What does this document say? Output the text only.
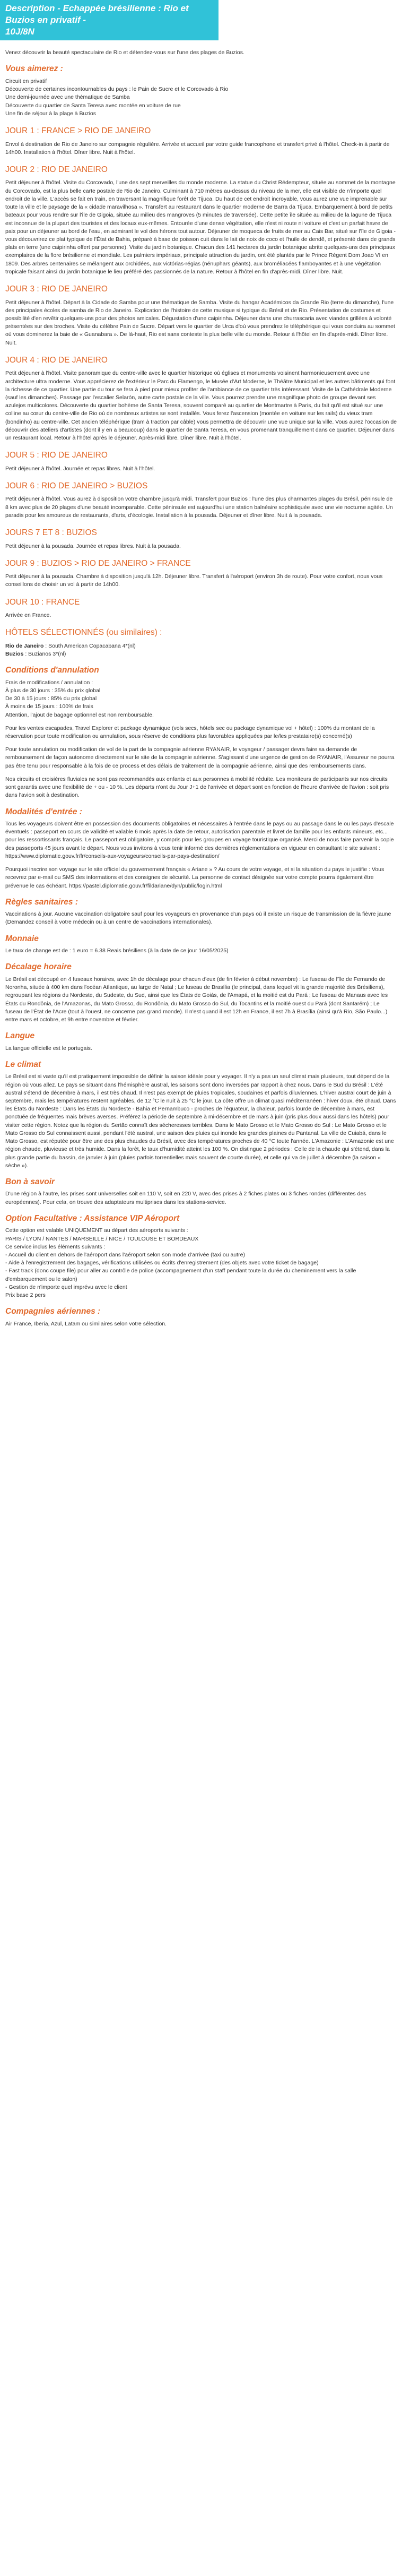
Description - Echappée brésilienne : Rio et Buzios en privatif -
10J/8N

Venez découvrir la beauté spectaculaire de Rio et détendez-vous sur l'une des plages de Buzios.

Vous aimerez :

Circuit en privatif

Découverte de certaines incontournables du pays : le Pain de Sucre et le Corcovado à Rio

Une demi-journée avec une thématique de Samba

Découverte du quartier de Santa Teresa avec montée en voiture de rue

Une fin de séjour à la plage à Buzios

JOUR 1 : FRANCE > RIO DE JANEIRO

Envol à destination de Rio de Janeiro sur compagnie régulière. Arrivée et accueil par votre guide francophone et transfert privé à l'hôtel. Check-in à partir de 14h00. Installation à l'hôtel. Dîner libre. Nuit à l'hôtel.

JOUR 2 : RIO DE JANEIRO

Petit déjeuner à l'hôtel. Visite du Corcovado, l'une des sept merveilles du monde moderne. La statue du Christ Rédempteur, située au sommet de la montagne du Corcovado, est la plus belle carte postale de Rio de Janeiro. Culminant à 710 mètres au-dessus du niveau de la mer, elle est visible de n'importe quel endroit de la ville. L'accès se fait en train, en traversant la magnifique forêt de Tijuca. Du haut de cet endroit incroyable, vous aurez une vue imprenable sur toute la ville et le paysage de la « cidade maravilhosa ». Transfert au restaurant dans le quartier moderne de Barra da Tijuca. Embarquement à bord de petits bateaux pour vous rendre sur l'île de Gigoia, située au milieu des mangroves (5 minutes de traversée). Cette petite île située au milieu de la lagune de Tijuca est inconnue de la plupart des touristes et des locaux eux-mêmes. Entourée d'une dense végétation, elle n'est ni route ni voiture et c'est un parfait havre de paix pour un déjeuner au bord de l'eau, en admirant le vol des hérons tout autour. Déjeuner de moqueca de fruits de mer au Cais Bar, situé sur l'île de Gigoia - vous découvrirez ce plat typique de l'État de Bahia, préparé à base de poisson cuit dans le lait de noix de coco et l'huile de dendê, et présenté dans de grands plats en terre (une caipirinha offert par personne). Visite du jardin botanique. Chacun des 141 hectares du jardin botanique abrite quelques-uns des principaux exemplaires de la flore brésilienne et mondiale. Les palmiers impériaux, principale attraction du jardin, ont été plantés par le Prince Régent Dom Joao VI en 1809. Des arbres centenaires se mélangent aux orchidées, aux victórias-régias (nénuphars géants), aux broméliacées flamboyantes et à une végétation tropicale faisant ainsi du jardin botanique le lieu préféré des passionnés de la nature. Retour à l'hôtel en fin d'après-midi. Dîner libre. Nuit.

JOUR 3 : RIO DE JANEIRO

Petit déjeuner à l'hôtel. Départ à la Cidade do Samba pour une thématique de Samba. Visite du hangar Académicos da Grande Rio (terre du dimanche), l'une des principales écoles de samba de Rio de Janeiro. Explication de l'histoire de cette musique si typique du Brésil et de Rio. Présentation de costumes et possibilité d'en revêtir quelques-uns pour des photos amicales. Dégustation d'une caipirinha. Déjeuner dans une churrascaria avec viandes grillées à volonté présentées sur des broches. Visite du célèbre Pain de Sucre. Départ vers le quartier de Urca d'où vous prendrez le téléphérique qui vous conduira au sommet où vous dominerez la baie de « Guanabara ». De là-haut, Rio est sans conteste la plus belle ville du monde. Retour à l'hôtel en fin d'après-midi. Dîner libre. Nuit.

JOUR 4 : RIO DE JANEIRO

Petit déjeuner à l'hôtel. Visite panoramique du centre-ville avec le quartier historique où églises et monuments voisinent harmonieusement avec une architecture ultra moderne. Vous apprécierez de l'extérieur le Parc du Flamengo, le Musée d'Art Moderne, le Théâtre Municipal et les autres bâtiments qui font la richesse de ce quartier. Une partie du tour se fera à pied pour mieux profiter de l'ambiance de ce quartier très intéressant. Visite de la Cathédrale Moderne (sauf les dimanches). Passage par l'escalier Selarón, autre carte postale de la ville. Vous pourrez prendre une magnifique photo de groupe devant ses azulejos multicolores. Découverte du quartier bohème de Santa Teresa, souvent comparé au quartier de Montmartre à Paris, du fait qu'il est situé sur une colline au cœur du centre-ville de Rio où de nombreux artistes se sont installés. Vous ferez l'ascension (montée en voiture sur les rails) du vieux tram (bondinho) au centre-ville. Cet ancien téléphérique (tram à traction par câble) vous permettra de découvrir une vue unique sur la ville. Vous aurez l'occasion de découvrir des ateliers d'artistes (dont il y en a beaucoup) dans le quartier de Santa Teresa, en vous promenant tranquillement dans ce quartier. Déjeuner dans un restaurant local. Retour à l'hôtel après le déjeuner. Après-midi libre. Dîner libre. Nuit à l'hôtel.

JOUR 5 : RIO DE JANEIRO

Petit déjeuner à l'hôtel. Journée et repas libres. Nuit à l'hôtel.

JOUR 6 : RIO DE JANEIRO > BUZIOS

Petit déjeuner à l'hôtel. Vous aurez à disposition votre chambre jusqu'à midi. Transfert pour Buzios : l'une des plus charmantes plages du Brésil, péninsule de 8 km avec plus de 20 plages d'une beauté incomparable. Cette péninsule est aujourd'hui une station balnéaire sophistiquée avec une vie nocturne agitée. Un paradis pour les amoureux de restaurants, d'arts, d'écologie. Installation à la pousada. Déjeuner et dîner libre. Nuit à la pousada.

JOURS 7 ET 8 : BUZIOS

Petit déjeuner à la pousada. Journée et repas libres. Nuit à la pousada.

JOUR 9 : BUZIOS > RIO DE JANEIRO > FRANCE

Petit déjeuner à la pousada. Chambre à disposition jusqu'à 12h. Déjeuner libre. Transfert à l'aéroport (environ 3h de route). Pour votre confort, nous vous conseillons de choisir un vol à partir de 14h00.

JOUR 10 : FRANCE

Arrivée en France.

HÔTELS SÉLECTIONNÉS (ou similaires) :

Rio de Janeiro : South American Copacabana 4*(nl)

Buzios : Buzianos 3*(nl)

Conditions d'annulation

Frais de modifications / annulation :

À plus de 30 jours : 35% du prix global

De 30 à 15 jours : 85% du prix global

À moins de 15 jours : 100% de frais

Attention, l'ajout de bagage optionnel est non remboursable.

Pour les ventes escapades, Travel Explorer et package dynamique (vols secs, hôtels sec ou package dynamique vol + hôtel) : 100% du montant de la réservation pour toute modification ou annulation, sous réserve de conditions plus favorables appliquées par le/les prestataire(s) concerné(s)

Pour toute annulation ou modification de vol de la part de la compagnie aérienne RYANAIR, le voyageur / passager devra faire sa demande de remboursement de façon autonome directement sur le site de la compagnie aérienne. S'agissant d'une urgence de gestion de RYANAIR, l'Assureur ne pourra pas être tenu pour responsable à la fois de ce process et des délais de traitement de la compagnie aérienne, ainsi que des remboursements dans.

Nos circuits et croisières fluviales ne sont pas recommandés aux enfants et aux personnes à mobilité réduite. Les moniteurs de participants sur nos circuits sont garantis avec une flexibilité de + ou - 10 %. Les départs n'ont du Jour J+1 de l'arrivée et départ sont en fonction de l'heure d'arrivée de l'avion : soit pris dans l'avion soit à destination.

Modalités d'entrée :

Tous les voyageurs doivent être en possession des documents obligatoires et nécessaires à l'entrée dans le pays ou au passage dans le ou les pays d'escale éventuels : passeport en cours de validité et valable 6 mois après la date de retour, autorisation parentale et livret de famille pour les enfants mineurs, etc... pour les ressortissants français. Le passeport est obligatoire, y compris pour les groupes en voyage touristique organisé. Merci de nous faire parvenir la copie des passeports 45 jours avant le départ. Nous vous invitons à vous tenir informé des dernières réglementations en vigueur en consultant le site suivant : https://www.diplomatie.gouv.fr/fr/conseils-aux-voyageurs/conseils-par-pays-destination/

Pourquoi inscrire son voyage sur le site officiel du gouvernement français « Ariane » ? Au cours de votre voyage, et si la situation du pays le justifie : Vous recevrez par e-mail ou SMS des informations et des consignes de sécurité. La personne de contact désignée sur votre compte pourra également être prévenue le cas échéant. https://pastel.diplomatie.gouv.fr/fildariane/dyn/public/login.html

Règles sanitaires :

Vaccinations à jour. Aucune vaccination obligatoire sauf pour les voyageurs en provenance d'un pays où il existe un risque de transmission de la fièvre jaune (Demandez conseil à votre médecin ou à un centre de vaccinations internationales).

Monnaie

Le taux de change est de : 1 euro = 6.38 Reais brésiliens (à la date de ce jour 16/05/2025)

Décalage horaire

Le Brésil est découpé en 4 fuseaux horaires, avec 1h de décalage pour chacun d'eux (de fin février à début novembre) : Le fuseau de l'île de Fernando de Noronha, située à 400 km dans l'océan Atlantique, au large de Natal ; Le fuseau de Brasília (le principal, dans lequel vit la grande majorité des Brésiliens), regroupant les régions du Nordeste, du Sudeste, du Sud, ainsi que les États de Goiás, de l'Amapá, et la moitié est du Pará ; Le fuseau de Manaus avec les États du Rondônia, de l'Amazonas, du Mato Grosso, du Rondônia, du Mato Grosso do Sul, du Tocantins et la moitié ouest du Pará (dont Santarém) ; Le fuseau de l'État de l'Acre (tout à l'ouest, ne concerne pas grand monde). Il n'est quand il est 12h en France, il est 7h à Brasília (ainsi qu'à Rio, São Paulo...) entre mars et octobre, et 9h entre novembre et février.

Langue

La langue officielle est le portugais.

Le climat

Le Brésil est si vaste qu'il est pratiquement impossible de définir la saison idéale pour y voyager. Il n'y a pas un seul climat mais plusieurs, tout dépend de la région où vous allez. Le pays se situant dans l'hémisphère austral, les saisons sont donc inversées par rapport à chez nous. Dans le Sud du Brésil : L'été austral s'étend de décembre à mars, il est très chaud. Il n'est pas exempt de pluies tropicales, soudaines et parfois diluviennes. L'hiver austral court de juin à septembre, mais les températures restent agréables, de 12 °C le nuit à 25 °C le jour. La côte offre un climat quasi méditerranéen : hiver doux, été chaud. Dans les États du Nordeste : Dans les États du Nordeste - Bahia et Pernambuco - proches de l'équateur, la chaleur, parfois lourde de décembre à mars, est ponctuée de fréquentes mais brèves averses. Préférez la période de septembre à mi-décembre et de mars à juin (pris plus doux aussi dans les hôtels) pour visiter cette région. Notez que la région du Sertão connaît des sécheresses terribles. Dans le Mato Grosso et le Mato Grosso do Sul : Le Mato Grosso et le Mato Grosso do Sul connaissent aussi, pendant l'été austral, une saison des pluies qui inonde les grandes plaines du Pantanal. La ville de Cuiabá, dans le Mato Grosso, est réputée pour être une des plus chaudes du Brésil, avec des températures proches de 40 °C toute l'année. L'Amazonie : L'Amazonie est une région chaude, pluvieuse et très humide. Dans la forêt, le taux d'humidité atteint les 100 %. On distingue 2 périodes : Celle de la chaude qui s'étend, dans la plus grande partie du bassin, de janvier à juin (pluies parfois torrentielles mais souvent de courte durée), et celle qui va de juillet à décembre (la saison « sèche »).

Bon à savoir

D'une région à l'autre, les prises sont universelles soit en 110 V, soit en 220 V, avec des prises à 2 fiches plates ou 3 fiches rondes (différentes des européennes). Pour cela, on trouve des adaptateurs multiprises dans les stations-service.

Option Facultative : Assistance VIP Aéroport

Cette option est valable UNIQUEMENT au départ des aéroports suivants :

PARIS / LYON / NANTES / MARSEILLE / NICE / TOULOUSE ET BORDEAUX

Ce service inclus les éléments suivants :

- Accueil du client en dehors de l'aéroport dans l'aéroport selon son mode d'arrivée (taxi ou autre)

- Aide à l'enregistrement des bagages, vérifications utilisées ou écrits d'enregistrement (des objets avec votre ticket de bagage)

- Fast track (donc coupe file) pour aller au contrôle de police (accompagnement d'un staff pendant toute la durée du cheminement vers la salle d'embarquement ou le salon)

- Gestion de n'importe quel imprévu avec le client

Prix base 2 pers

Compagnies aériennes :

Air France, Iberia, Azul, Latam ou similaires selon votre sélection.
